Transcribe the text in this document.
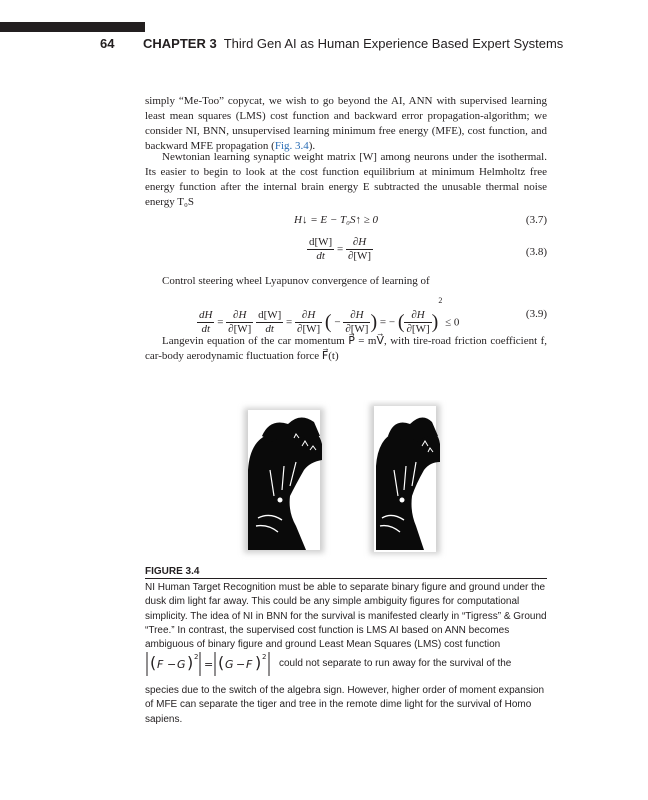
64 CHAPTER 3 Third Gen AI as Human Experience Based Expert Systems
simply “Me-Too” copycat, we wish to go beyond the AI, ANN with supervised learning least mean squares (LMS) cost function and backward error propagation-algorithm; we consider NI, BNN, unsupervised learning minimum free energy (MFE), cost function, and backward MFE propagation (Fig. 3.4).
Newtonian learning synaptic weight matrix [W] among neurons under the isothermal. Its easier to begin to look at the cost function equilibrium at minimum Helmholtz free energy function after the internal brain energy E subtracted the unusable thermal noise energy T₀S
H↓ = E − T₀S↑ ≥ 0	(3.7)
$\frac{d[W]}{dt} = \frac{\partial H}{\partial[W]}$	(3.8)
Control steering wheel Lyapunov convergence of learning of
$\frac{dH}{dt} = \frac{\partial H}{\partial[W]}$
$\frac{d[W]}{dt} = \frac{\partial H}{\partial[W]}$ ( − $\frac{\partial H}{\partial[W]}$ ) = − ( $\frac{\partial H}{\partial[W]} )^2 \le 0$
(3.9)
Langevin equation of the car momentum P⃗ = mV⃗, with tire-road friction coefficient f, car-body aerodynamic fluctuation force F⃗(t)
FIGURE 3.4
NI Human Target Recognition must be able to separate binary figure and ground under the dusk dim light far away. This could be any simple ambiguity figures for computational simplicity. The idea of NI in BNN for the survival is manifested clearly in “Tigress” & Ground “Tree.” In contrast, the supervised cost function is LMS AI based on ANN becomes ambiguous of binary figure and ground Least Mean Squares (LMS) cost function
( F − G ) 2
= ( G − F ) 2
could not separate to run away for the survival of the
species due to the switch of the algebra sign. However, higher order of moment expansion of MFE can separate the tiger and tree in the remote dime light for the survival of Homo sapiens.
